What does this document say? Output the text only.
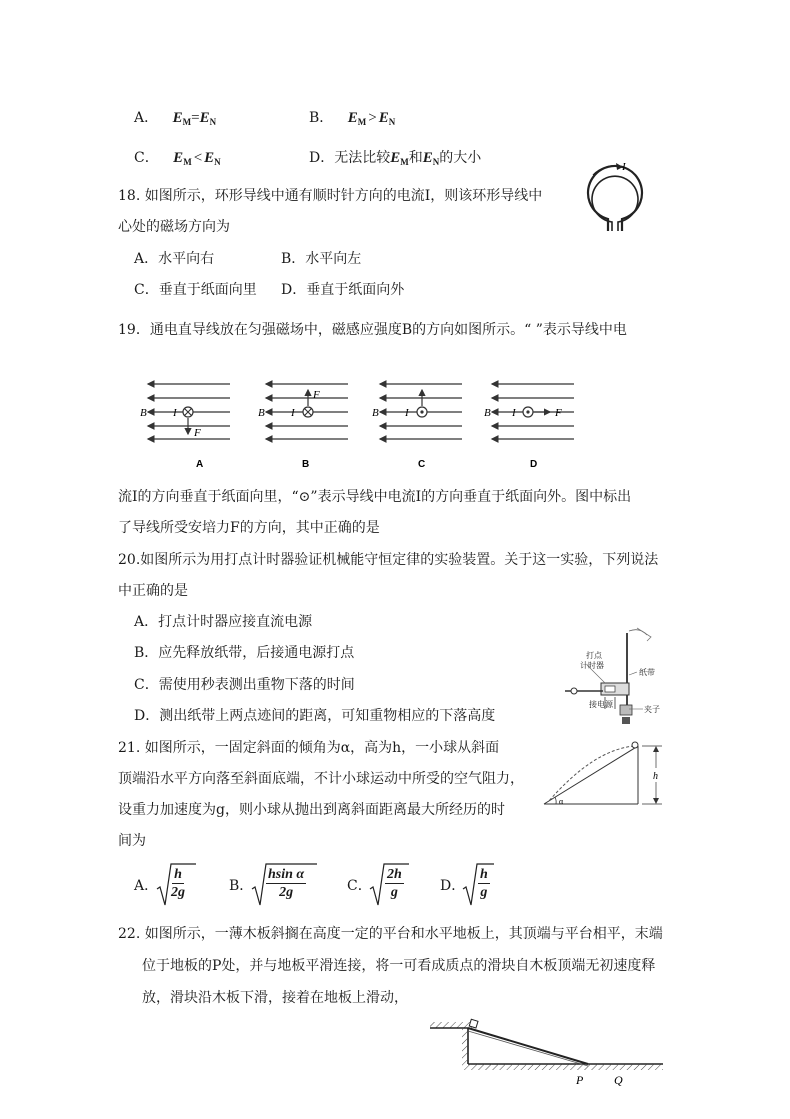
A． $E_M=E_N$	B． $E_M > E_N$
C． $E_M < E_N$	D．无法比较$E_M$和$E_N$的大小
18. 如图所示，环形导线中通有顺时针方向的电流I，则该环形导线中
心处的磁场方向为
A．水平向右	B．水平向左
C．垂直于纸面向里 D．垂直于纸面向外
I
19．通电直导线放在匀强磁场中，磁感应强度B的方向如图所示。“ ”表示导线中电
B I
F
A
B I
F
B
B I
C
B I	F
D
流I的方向垂直于纸面向里，“⊙”表示导线中电流I的方向垂直于纸面向外。图中标出
了导线所受安培力F的方向，其中正确的是
20.如图所示为用打点计时器验证机械能守恒定律的实验装置。关于这一实验，下列说法
中正确的是
A．打点计时器应接直流电源
B．应先释放纸带，后接通电源打点
C．需使用秒表测出重物下落的时间
D．测出纸带上两点迹间的距离，可知重物相应的下落高度
打点
计时器
纸带
接电源
夹子
21. 如图所示，一固定斜面的倾角为α，高为h，一小球从斜面
顶端沿水平方向落至斜面底端，不计小球运动中所受的空气阻力，
设重力加速度为g，则小球从抛出到离斜面距离最大所经历的时
间为
h
α
A． $\frac{h}{2g}$	B． $\frac{\text{hsin α}}{2g}$	C． $\frac{2h}{g}$	D． $\frac{h}{g}$
22. 如图所示，一薄木板斜搁在高度一定的平台和水平地板上，其顶端与平台相平，末端
位于地板的P处，并与地板平滑连接，将一可看成质点的滑块自木板顶端无初速度释
放，滑块沿木板下滑，接着在地板上滑动，
P	Q
